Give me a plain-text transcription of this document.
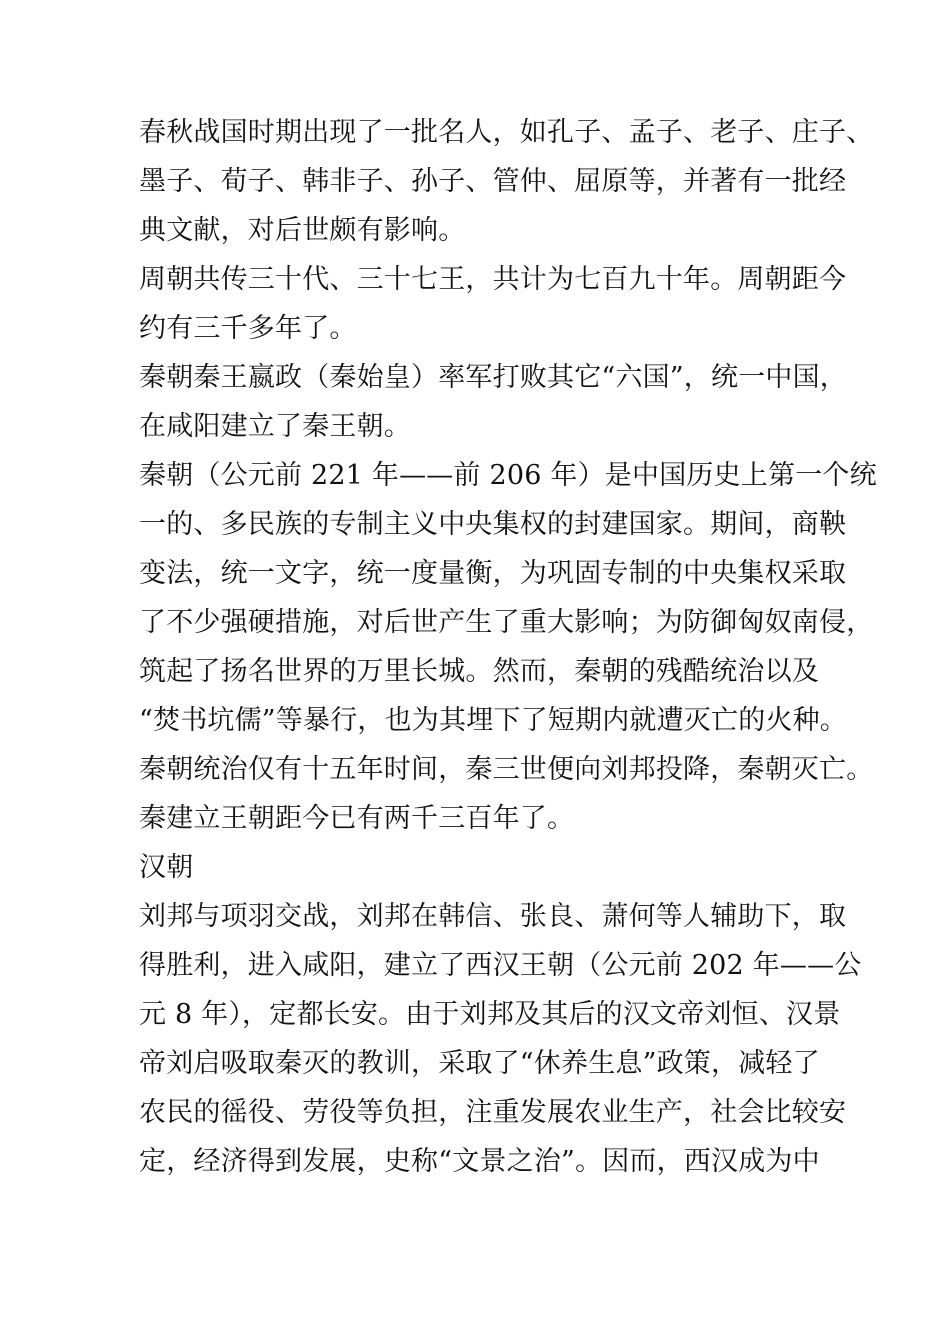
春秋战国时期出现了一批名人，如孔子、孟子、老子、庄子、
墨子、荀子、韩非子、孙子、管仲、屈原等，并著有一批经
典文献，对后世颇有影响。
周朝共传三十代、三十七王，共计为七百九十年。周朝距今
约有三千多年了。
秦朝秦王嬴政（秦始皇）率军打败其它“六国”，统一中国，
在咸阳建立了秦王朝。
秦朝（公元前 221 年——前 206 年）是中国历史上第一个统
一的、多民族的专制主义中央集权的封建国家。期间，商鞅
变法，统一文字，统一度量衡，为巩固专制的中央集权采取
了不少强硬措施，对后世产生了重大影响；为防御匈奴南侵，
筑起了扬名世界的万里长城。然而，秦朝的残酷统治以及
“焚书坑儒”等暴行，也为其埋下了短期内就遭灭亡的火种。
秦朝统治仅有十五年时间，秦三世便向刘邦投降，秦朝灭亡。
秦建立王朝距今已有两千三百年了。
汉朝
刘邦与项羽交战，刘邦在韩信、张良、萧何等人辅助下，取
得胜利，进入咸阳，建立了西汉王朝（公元前 202 年——公
元 8 年），定都长安。由于刘邦及其后的汉文帝刘恒、汉景
帝刘启吸取秦灭的教训，采取了“休养生息”政策，减轻了
农民的徭役、劳役等负担，注重发展农业生产，社会比较安
定，经济得到发展，史称“文景之治”。因而，西汉成为中
